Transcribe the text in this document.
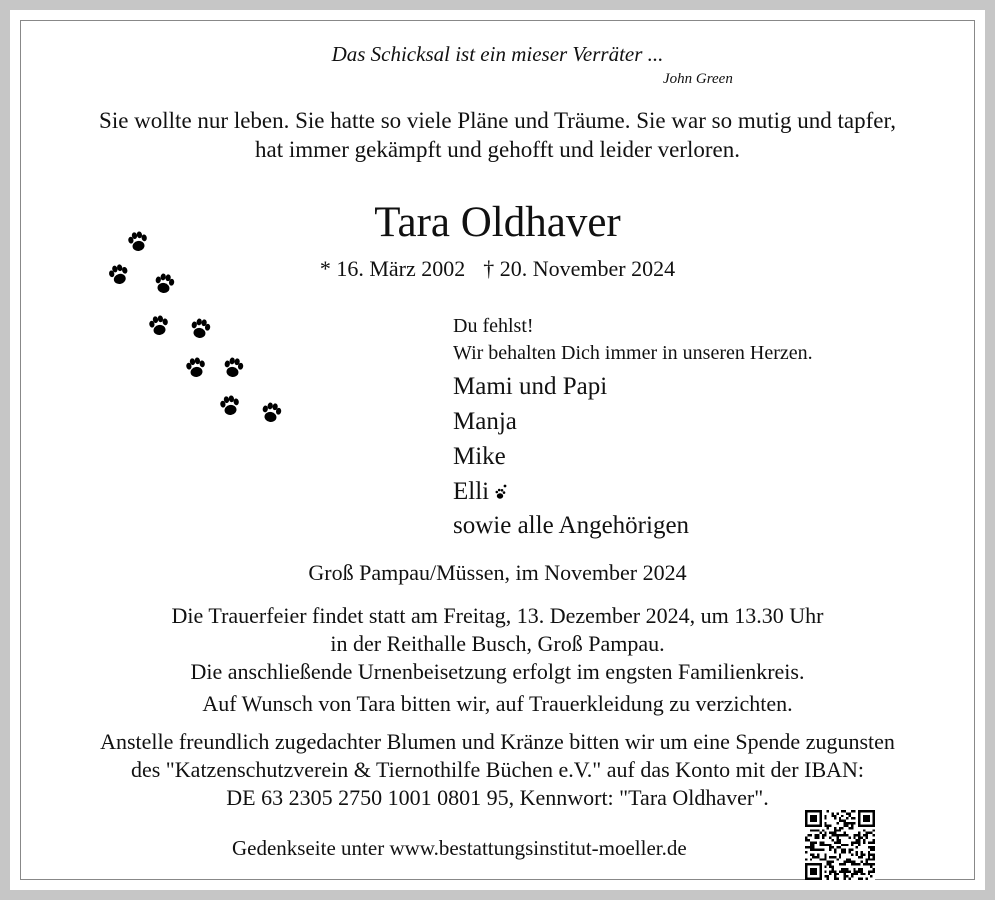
Das Schicksal ist ein mieser Verräter ...
John Green
Sie wollte nur leben. Sie hatte so viele Pläne und Träume. Sie war so mutig und tapfer,
hat immer gekämpft und gehofft und leider verloren.
Tara Oldhaver
* 16. März 2002 † 20. November 2024
Du fehlst!
Wir behalten Dich immer in unseren Herzen.
Mami und Papi
Manja
Mike
Elli
sowie alle Angehörigen
Groß Pampau/Müssen, im November 2024
Die Trauerfeier findet statt am Freitag, 13. Dezember 2024, um 13.30 Uhr
in der Reithalle Busch, Groß Pampau.
Die anschließende Urnenbeisetzung erfolgt im engsten Familienkreis.
Auf Wunsch von Tara bitten wir, auf Trauerkleidung zu verzichten.
Anstelle freundlich zugedachter Blumen und Kränze bitten wir um eine Spende zugunsten
des "Katzenschutzverein & Tiernothilfe Büchen e.V." auf das Konto mit der IBAN:
DE 63 2305 2750 1001 0801 95, Kennwort: "Tara Oldhaver".
Gedenkseite unter www.bestattungsinstitut-moeller.de
